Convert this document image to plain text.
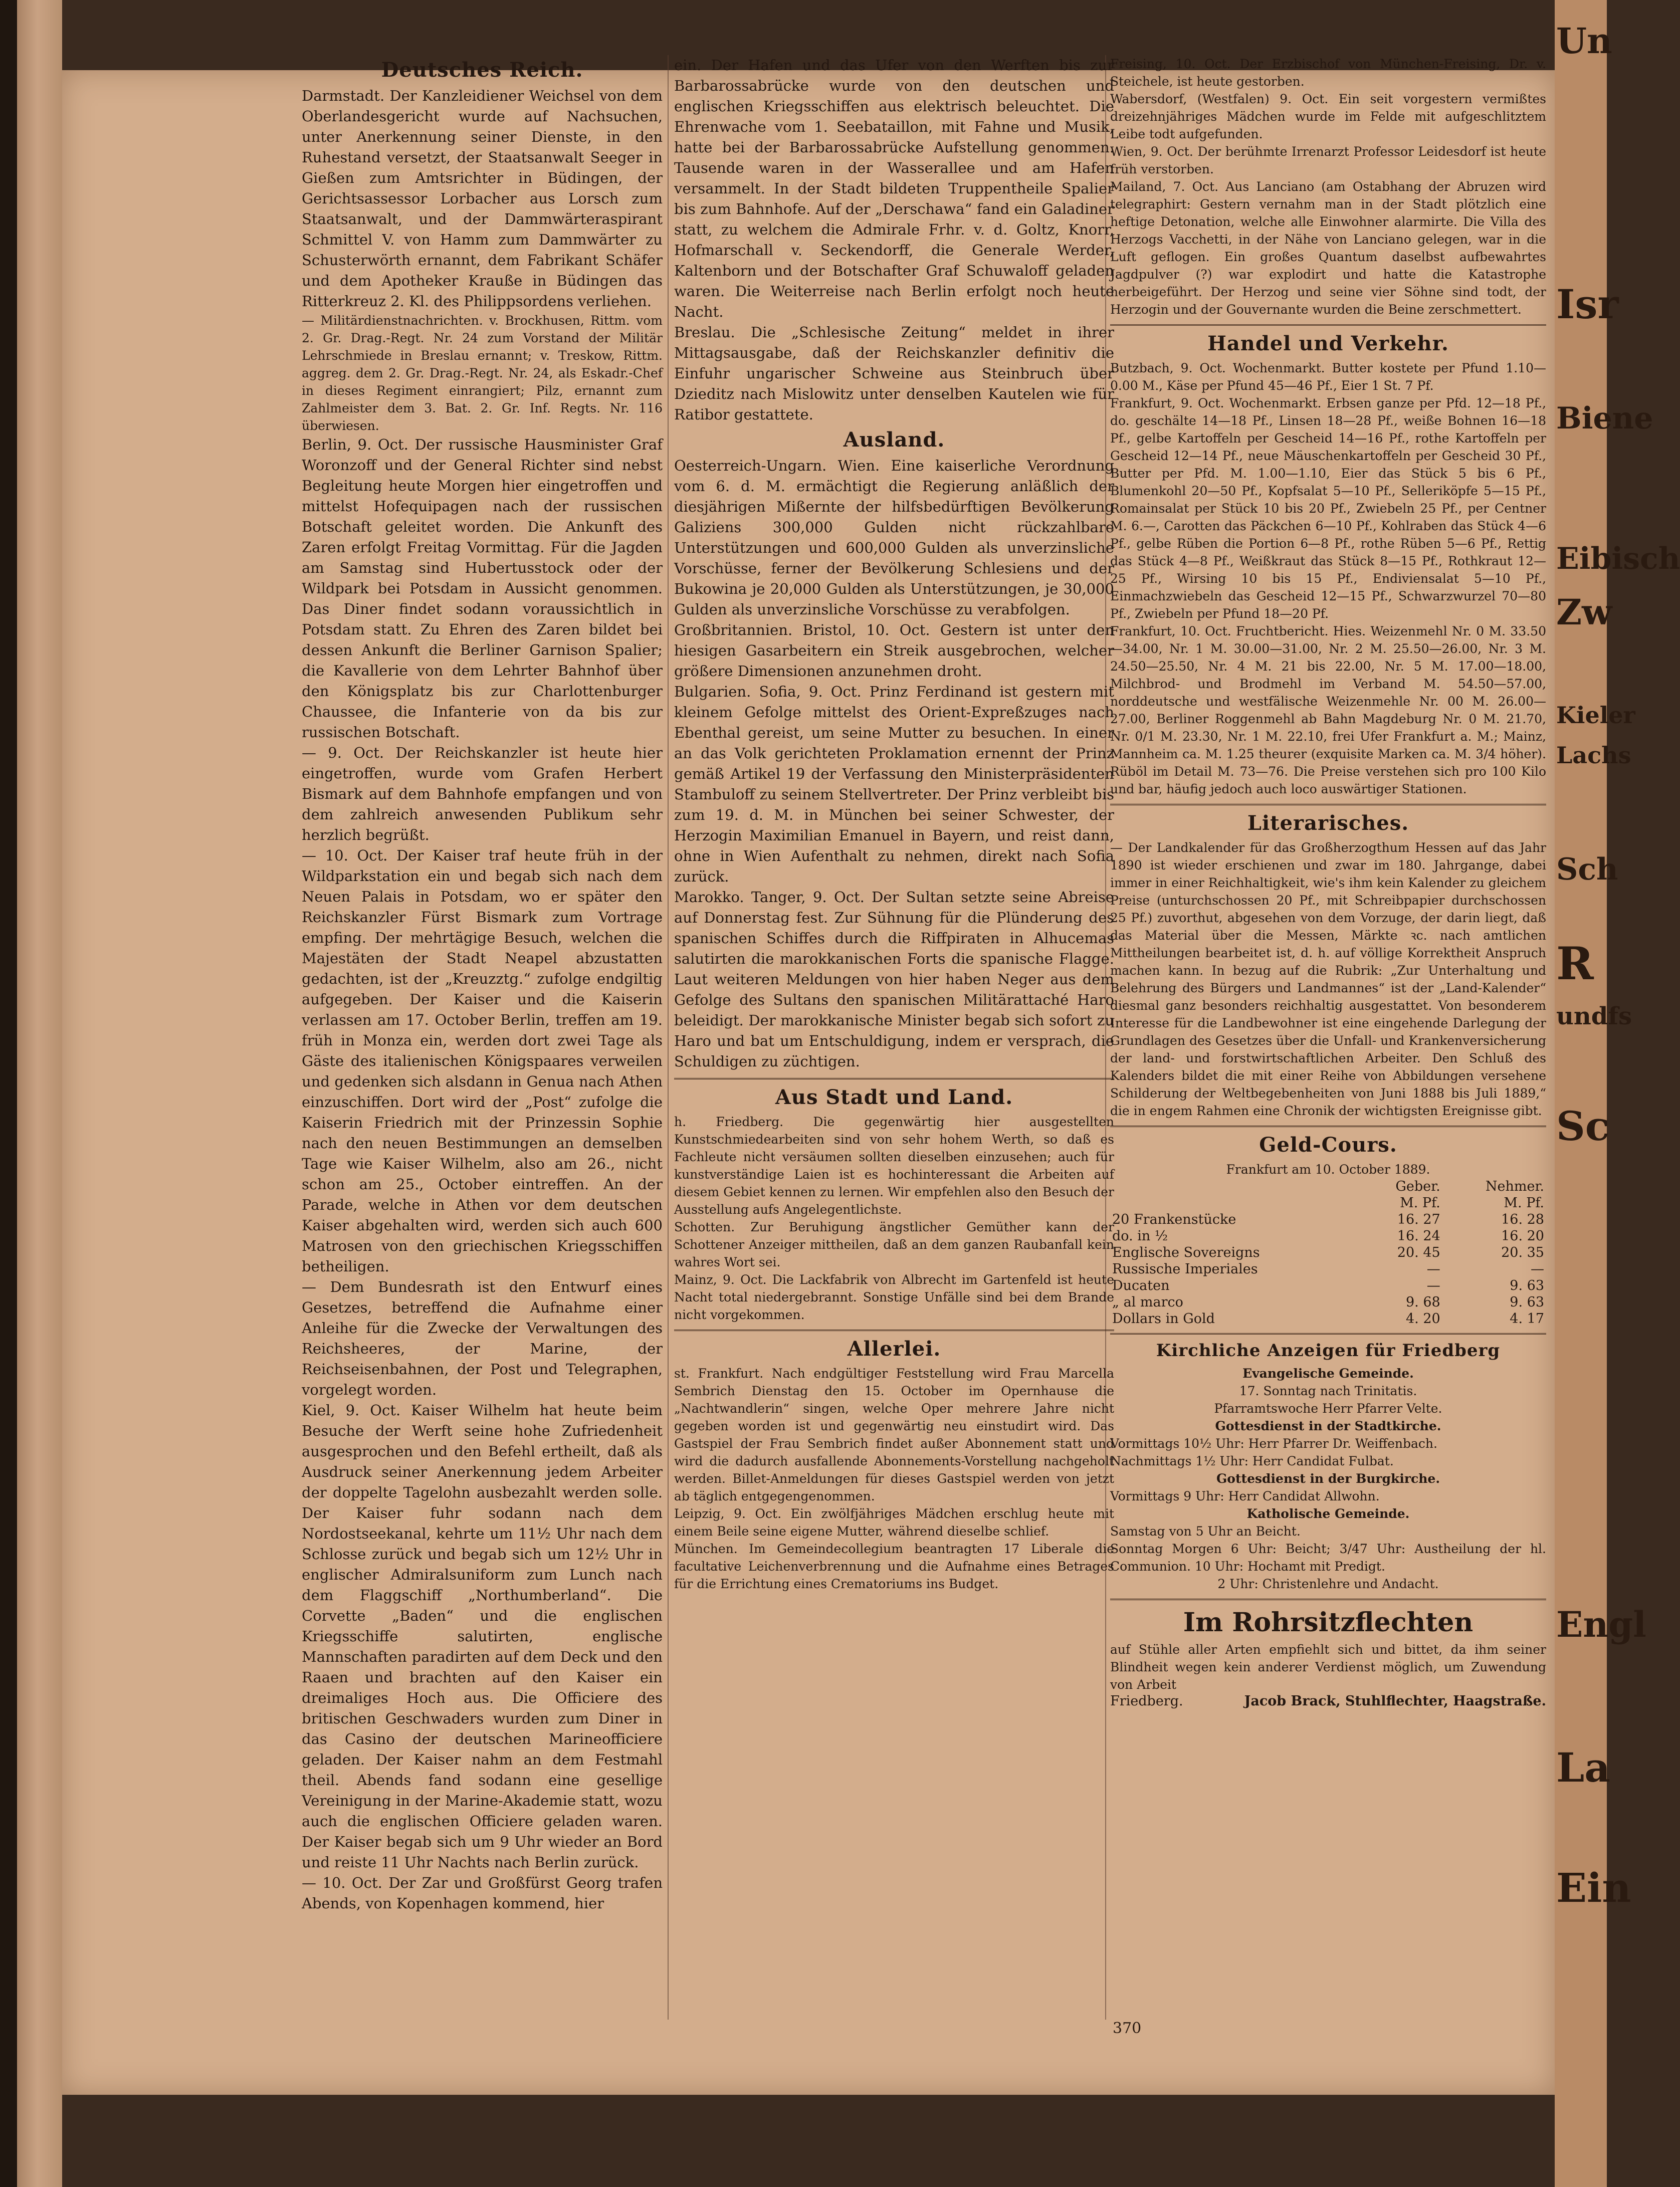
Deutsches Reich.

Darmstadt. Der Kanzleidiener Weichsel von dem Oberlandesgericht wurde auf Nachsuchen, unter Anerkennung seiner Dienste, in den Ruhestand versetzt, der Staatsanwalt Seeger in Gießen zum Amtsrichter in Büdingen, der Gerichtsassessor Lorbacher aus Lorsch zum Staatsanwalt, und der Dammwärteraspirant Schmittel V. von Hamm zum Dammwärter zu Schusterwörth ernannt, dem Fabrikant Schäfer und dem Apotheker Krauße in Büdingen das Ritterkreuz 2. Kl. des Philippsordens verliehen.

— Militärdienstnachrichten. v. Brockhusen, Rittm. vom 2. Gr. Drag.-Regt. Nr. 24 zum Vorstand der Militär Lehrschmiede in Breslau ernannt; v. Treskow, Rittm. aggreg. dem 2. Gr. Drag.-Regt. Nr. 24, als Eskadr.-Chef in dieses Regiment einrangiert; Pilz, ernannt zum Zahlmeister dem 3. Bat. 2. Gr. Inf. Regts. Nr. 116 überwiesen.

Berlin, 9. Oct. Der russische Hausminister Graf Woronzoff und der General Richter sind nebst Begleitung heute Morgen hier eingetroffen und mittelst Hofequipagen nach der russischen Botschaft geleitet worden. Die Ankunft des Zaren erfolgt Freitag Vormittag. Für die Jagden am Samstag sind Hubertusstock oder der Wildpark bei Potsdam in Aussicht genommen. Das Diner findet sodann voraussichtlich in Potsdam statt. Zu Ehren des Zaren bildet bei dessen Ankunft die Berliner Garnison Spalier; die Kavallerie von dem Lehrter Bahnhof über den Königsplatz bis zur Charlottenburger Chaussee, die Infanterie von da bis zur russischen Botschaft.

— 9. Oct. Der Reichskanzler ist heute hier eingetroffen, wurde vom Grafen Herbert Bismark auf dem Bahnhofe empfangen und von dem zahlreich anwesenden Publikum sehr herzlich begrüßt.

— 10. Oct. Der Kaiser traf heute früh in der Wildparkstation ein und begab sich nach dem Neuen Palais in Potsdam, wo er später den Reichskanzler Fürst Bismark zum Vortrage empfing. Der mehrtägige Besuch, welchen die Majestäten der Stadt Neapel abzustatten gedachten, ist der „Kreuzztg.“ zufolge endgiltig aufgegeben. Der Kaiser und die Kaiserin verlassen am 17. October Berlin, treffen am 19. früh in Monza ein, werden dort zwei Tage als Gäste des italienischen Königspaares verweilen und gedenken sich alsdann in Genua nach Athen einzuschiffen. Dort wird der „Post“ zufolge die Kaiserin Friedrich mit der Prinzessin Sophie nach den neuen Bestimmungen an demselben Tage wie Kaiser Wilhelm, also am 26., nicht schon am 25., October eintreffen. An der Parade, welche in Athen vor dem deutschen Kaiser abgehalten wird, werden sich auch 600 Matrosen von den griechischen Kriegsschiffen betheiligen.

— Dem Bundesrath ist den Entwurf eines Gesetzes, betreffend die Aufnahme einer Anleihe für die Zwecke der Verwaltungen des Reichsheeres, der Marine, der Reichseisenbahnen, der Post und Telegraphen, vorgelegt worden.

Kiel, 9. Oct. Kaiser Wilhelm hat heute beim Besuche der Werft seine hohe Zufriedenheit ausgesprochen und den Befehl ertheilt, daß als Ausdruck seiner Anerkennung jedem Arbeiter der doppelte Tagelohn ausbezahlt werden solle. Der Kaiser fuhr sodann nach dem Nordostseekanal, kehrte um 11½ Uhr nach dem Schlosse zurück und begab sich um 12½ Uhr in englischer Admiralsuniform zum Lunch nach dem Flaggschiff „Northumberland“. Die Corvette „Baden“ und die englischen Kriegsschiffe salutirten, englische Mannschaften paradirten auf dem Deck und den Raaen und brachten auf den Kaiser ein dreimaliges Hoch aus. Die Officiere des britischen Geschwaders wurden zum Diner in das Casino der deutschen Marineofficiere geladen. Der Kaiser nahm an dem Festmahl theil. Abends fand sodann eine gesellige Vereinigung in der Marine-Akademie statt, wozu auch die englischen Officiere geladen waren. Der Kaiser begab sich um 9 Uhr wieder an Bord und reiste 11 Uhr Nachts nach Berlin zurück.

— 10. Oct. Der Zar und Großfürst Georg trafen Abends, von Kopenhagen kommend, hier

ein. Der Hafen und das Ufer von den Werften bis zur Barbarossabrücke wurde von den deutschen und englischen Kriegsschiffen aus elektrisch beleuchtet. Die Ehrenwache vom 1. Seebataillon, mit Fahne und Musik, hatte bei der Barbarossabrücke Aufstellung genommen. Tausende waren in der Wasserallee und am Hafen versammelt. In der Stadt bildeten Truppentheile Spalier bis zum Bahnhofe. Auf der „Derschawa“ fand ein Galadiner statt, zu welchem die Admirale Frhr. v. d. Goltz, Knorr, Hofmarschall v. Seckendorff, die Generale Werder, Kaltenborn und der Botschafter Graf Schuwaloff geladen waren. Die Weiterreise nach Berlin erfolgt noch heute Nacht.

Breslau. Die „Schlesische Zeitung“ meldet in ihrer Mittagsausgabe, daß der Reichskanzler definitiv die Einfuhr ungarischer Schweine aus Steinbruch über Dzieditz nach Mislowitz unter denselben Kautelen wie für Ratibor gestattete.

Ausland.

Oesterreich-Ungarn. Wien. Eine kaiserliche Verordnung vom 6. d. M. ermächtigt die Regierung anläßlich der diesjährigen Mißernte der hilfsbedürftigen Bevölkerung Galiziens 300,000 Gulden nicht rückzahlbare Unterstützungen und 600,000 Gulden als unverzinsliche Vorschüsse, ferner der Bevölkerung Schlesiens und der Bukowina je 20,000 Gulden als Unterstützungen, je 30,000 Gulden als unverzinsliche Vorschüsse zu verabfolgen.

Großbritannien. Bristol, 10. Oct. Gestern ist unter den hiesigen Gasarbeitern ein Streik ausgebrochen, welcher größere Dimensionen anzunehmen droht.

Bulgarien. Sofia, 9. Oct. Prinz Ferdinand ist gestern mit kleinem Gefolge mittelst des Orient-Expreßzuges nach Ebenthal gereist, um seine Mutter zu besuchen. In einer an das Volk gerichteten Proklamation ernennt der Prinz gemäß Artikel 19 der Verfassung den Ministerpräsidenten Stambuloff zu seinem Stellvertreter. Der Prinz verbleibt bis zum 19. d. M. in München bei seiner Schwester, der Herzogin Maximilian Emanuel in Bayern, und reist dann, ohne in Wien Aufenthalt zu nehmen, direkt nach Sofia zurück.

Marokko. Tanger, 9. Oct. Der Sultan setzte seine Abreise auf Donnerstag fest. Zur Sühnung für die Plünderung des spanischen Schiffes durch die Riffpiraten in Alhucemas salutirten die marokkanischen Forts die spanische Flagge. Laut weiteren Meldungen von hier haben Neger aus dem Gefolge des Sultans den spanischen Militärattaché Haro beleidigt. Der marokkanische Minister begab sich sofort zu Haro und bat um Entschuldigung, indem er versprach, die Schuldigen zu züchtigen.

Aus Stadt und Land.

h. Friedberg. Die gegenwärtig hier ausgestellten Kunstschmiedearbeiten sind von sehr hohem Werth, so daß es Fachleute nicht versäumen sollten dieselben einzusehen; auch für kunstverständige Laien ist es hochinteressant die Arbeiten auf diesem Gebiet kennen zu lernen. Wir empfehlen also den Besuch der Ausstellung aufs Angelegentlichste.

Schotten. Zur Beruhigung ängstlicher Gemüther kann der Schottener Anzeiger mittheilen, daß an dem ganzen Raubanfall kein wahres Wort sei.

Mainz, 9. Oct. Die Lackfabrik von Albrecht im Gartenfeld ist heute Nacht total niedergebrannt. Sonstige Unfälle sind bei dem Brande nicht vorgekommen.

Allerlei.

st. Frankfurt. Nach endgültiger Feststellung wird Frau Marcella Sembrich Dienstag den 15. October im Opernhause die „Nachtwandlerin“ singen, welche Oper mehrere Jahre nicht gegeben worden ist und gegenwärtig neu einstudirt wird. Das Gastspiel der Frau Sembrich findet außer Abonnement statt und wird die dadurch ausfallende Abonnements-Vorstellung nachgeholt werden. Billet-Anmeldungen für dieses Gastspiel werden von jetzt ab täglich entgegengenommen.

Leipzig, 9. Oct. Ein zwölfjähriges Mädchen erschlug heute mit einem Beile seine eigene Mutter, während dieselbe schlief.

München. Im Gemeindecollegium beantragten 17 Liberale die facultative Leichenverbrennung und die Aufnahme eines Betrages für die Errichtung eines Crematoriums ins Budget.

Freising, 10. Oct. Der Erzbischof von München-Freising, Dr. v. Steichele, ist heute gestorben.

Wabersdorf, (Westfalen) 9. Oct. Ein seit vorgestern vermißtes dreizehnjähriges Mädchen wurde im Felde mit aufgeschlitztem Leibe todt aufgefunden.

Wien, 9. Oct. Der berühmte Irrenarzt Professor Leidesdorf ist heute früh verstorben.

Mailand, 7. Oct. Aus Lanciano (am Ostabhang der Abruzen wird telegraphirt: Gestern vernahm man in der Stadt plötzlich eine heftige Detonation, welche alle Einwohner alarmirte. Die Villa des Herzogs Vacchetti, in der Nähe von Lanciano gelegen, war in die Luft geflogen. Ein großes Quantum daselbst aufbewahrtes Jagdpulver (?) war explodirt und hatte die Katastrophe herbeigeführt. Der Herzog und seine vier Söhne sind todt, der Herzogin und der Gouvernante wurden die Beine zerschmettert.

Handel und Verkehr.

Butzbach, 9. Oct. Wochenmarkt. Butter kostete per Pfund 1.10—0.00 M., Käse per Pfund 45—46 Pf., Eier 1 St. 7 Pf.

Frankfurt, 9. Oct. Wochenmarkt. Erbsen ganze per Pfd. 12—18 Pf., do. geschälte 14—18 Pf., Linsen 18—28 Pf., weiße Bohnen 16—18 Pf., gelbe Kartoffeln per Gescheid 14—16 Pf., rothe Kartoffeln per Gescheid 12—14 Pf., neue Mäuschenkartoffeln per Gescheid 30 Pf., Butter per Pfd. M. 1.00—1.10, Eier das Stück 5 bis 6 Pf., Blumenkohl 20—50 Pf., Kopfsalat 5—10 Pf., Selleriköpfe 5—15 Pf., Romainsalat per Stück 10 bis 20 Pf., Zwiebeln 25 Pf., per Centner M. 6.—, Carotten das Päckchen 6—10 Pf., Kohlraben das Stück 4—6 Pf., gelbe Rüben die Portion 6—8 Pf., rothe Rüben 5—6 Pf., Rettig das Stück 4—8 Pf., Weißkraut das Stück 8—15 Pf., Rothkraut 12—25 Pf., Wirsing 10 bis 15 Pf., Endiviensalat 5—10 Pf., Einmachzwiebeln das Gescheid 12—15 Pf., Schwarzwurzel 70—80 Pf., Zwiebeln per Pfund 18—20 Pf.

Frankfurt, 10. Oct. Fruchtbericht. Hies. Weizenmehl Nr. 0 M. 33.50—34.00, Nr. 1 M. 30.00—31.00, Nr. 2 M. 25.50—26.00, Nr. 3 M. 24.50—25.50, Nr. 4 M. 21 bis 22.00, Nr. 5 M. 17.00—18.00, Milchbrod- und Brodmehl im Verband M. 54.50—57.00, norddeutsche und westfälische Weizenmehle Nr. 00 M. 26.00—27.00, Berliner Roggenmehl ab Bahn Magdeburg Nr. 0 M. 21.70, Nr. 0/1 M. 23.30, Nr. 1 M. 22.10, frei Ufer Frankfurt a. M.; Mainz, Mannheim ca. M. 1.25 theurer (exquisite Marken ca. M. 3/4 höher). Rüböl im Detail M. 73—76. Die Preise verstehen sich pro 100 Kilo und bar, häufig jedoch auch loco auswärtiger Stationen.

Literarisches.

— Der Landkalender für das Großherzogthum Hessen auf das Jahr 1890 ist wieder erschienen und zwar im 180. Jahrgange, dabei immer in einer Reichhaltigkeit, wie's ihm kein Kalender zu gleichem Preise (unturchschossen 20 Pf., mit Schreibpapier durchschossen 25 Pf.) zuvorthut, abgesehen von dem Vorzuge, der darin liegt, daß das Material über die Messen, Märkte ꝛc. nach amtlichen Mittheilungen bearbeitet ist, d. h. auf völlige Korrektheit Anspruch machen kann. In bezug auf die Rubrik: „Zur Unterhaltung und Belehrung des Bürgers und Landmannes“ ist der „Land-Kalender“ diesmal ganz besonders reichhaltig ausgestattet. Von besonderem Interesse für die Landbewohner ist eine eingehende Darlegung der Grundlagen des Gesetzes über die Unfall- und Krankenversicherung der land- und forstwirtschaftlichen Arbeiter. Den Schluß des Kalenders bildet die mit einer Reihe von Abbildungen versehene Schilderung der Weltbegebenheiten von Juni 1888 bis Juli 1889,“ die in engem Rahmen eine Chronik der wichtigsten Ereignisse gibt.

Geld-Cours.

Frankfurt am 10. October 1889.

	Geber.	Nehmer.
	M. Pf.	M. Pf.
20 Frankenstücke	16. 27	16. 28
do. in ½	16. 24	16. 20
Englische Sovereigns	20. 45	20. 35
Russische Imperiales	—	—
Ducaten	—	9. 63
„ al marco	9. 68	9. 63
Dollars in Gold	4. 20	4. 17
Kirchliche Anzeigen für Friedberg

Evangelische Gemeinde.

17. Sonntag nach Trinitatis.

Pfarramtswoche Herr Pfarrer Velte.

Gottesdienst in der Stadtkirche.

Vormittags 10½ Uhr: Herr Pfarrer Dr. Weiffenbach.

Nachmittags 1½ Uhr: Herr Candidat Fulbat.

Gottesdienst in der Burgkirche.

Vormittags 9 Uhr: Herr Candidat Allwohn.

Katholische Gemeinde.

Samstag von 5 Uhr an Beicht.

Sonntag Morgen 6 Uhr: Beicht; 3/47 Uhr: Austheilung der hl. Communion. 10 Uhr: Hochamt mit Predigt.

2 Uhr: Christenlehre und Andacht.

Im Rohrsitzflechten

auf Stühle aller Arten empfiehlt sich und bittet, da ihm seiner Blindheit wegen kein anderer Verdienst möglich, um Zuwendung von Arbeit

Friedberg.	Jacob Brack, Stuhlflechter, Haagstraße.
370
Un
Isr
Biene
Eibisch
Zw
Kieler
Lachs
Sch
R
undfs
Sc
Engl
La
Ein
